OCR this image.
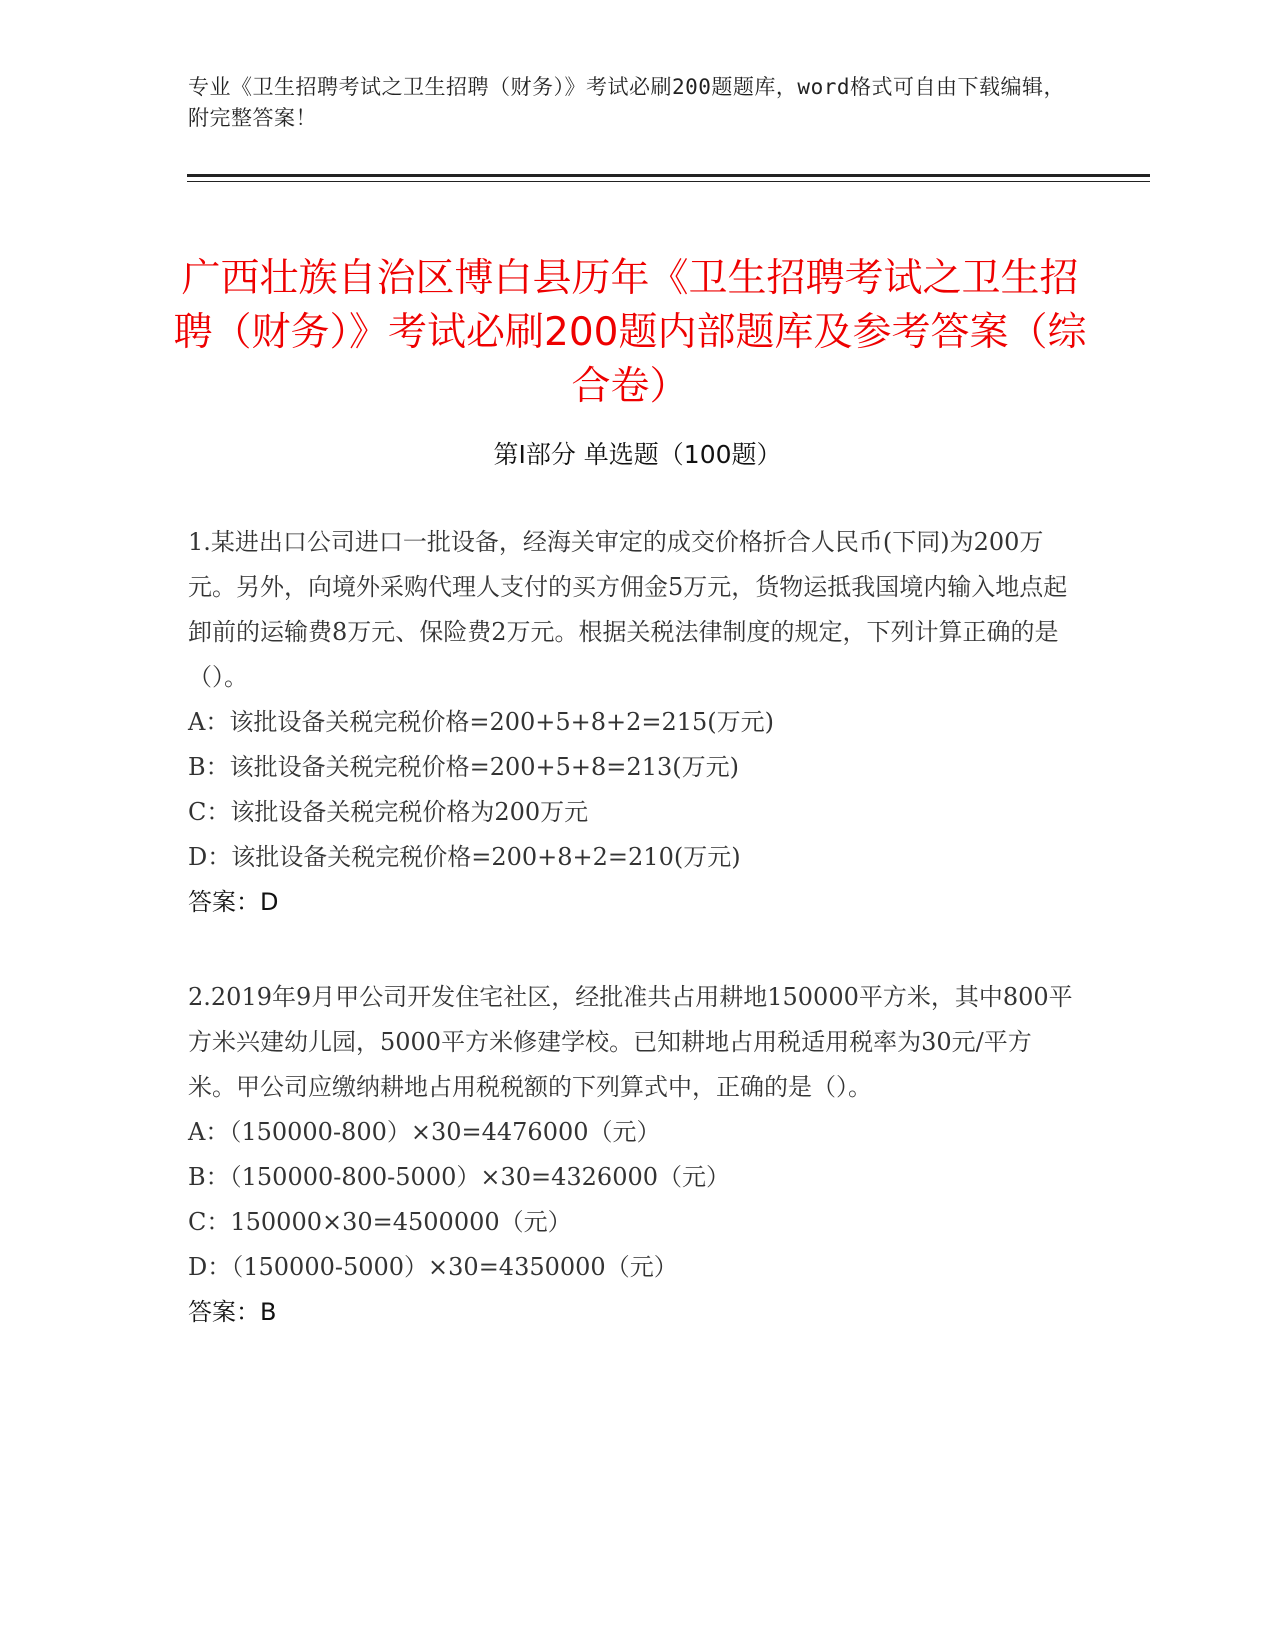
专业《卫生招聘考试之卫生招聘（财务）》考试必刷200题题库，word格式可自由下载编辑，附完整答案！
广西壮族自治区博白县历年《卫生招聘考试之卫生招聘（财务）》考试必刷200题内部题库及参考答案（综合卷）
第Ⅰ部分 单选题（100题）

1.某进出口公司进口一批设备，经海关审定的成交价格折合人民币(下同)为200万元。另外，向境外采购代理人支付的买方佣金5万元，货物运抵我国境内输入地点起卸前的运输费8万元、保险费2万元。根据关税法律制度的规定，下列计算正确的是（）。

A：该批设备关税完税价格=200+5+8+2=215(万元)

B：该批设备关税完税价格=200+5+8=213(万元)

C：该批设备关税完税价格为200万元

D：该批设备关税完税价格=200+8+2=210(万元)

答案：D

2.2019年9月甲公司开发住宅社区，经批准共占用耕地150000平方米，其中800平方米兴建幼儿园，5000平方米修建学校。已知耕地占用税适用税率为30元/平方米。甲公司应缴纳耕地占用税税额的下列算式中，正确的是（）。

A：（150000-800）×30=4476000（元）

B：（150000-800-5000）×30=4326000（元）

C：150000×30=4500000（元）

D：（150000-5000）×30=4350000（元）

答案：B
